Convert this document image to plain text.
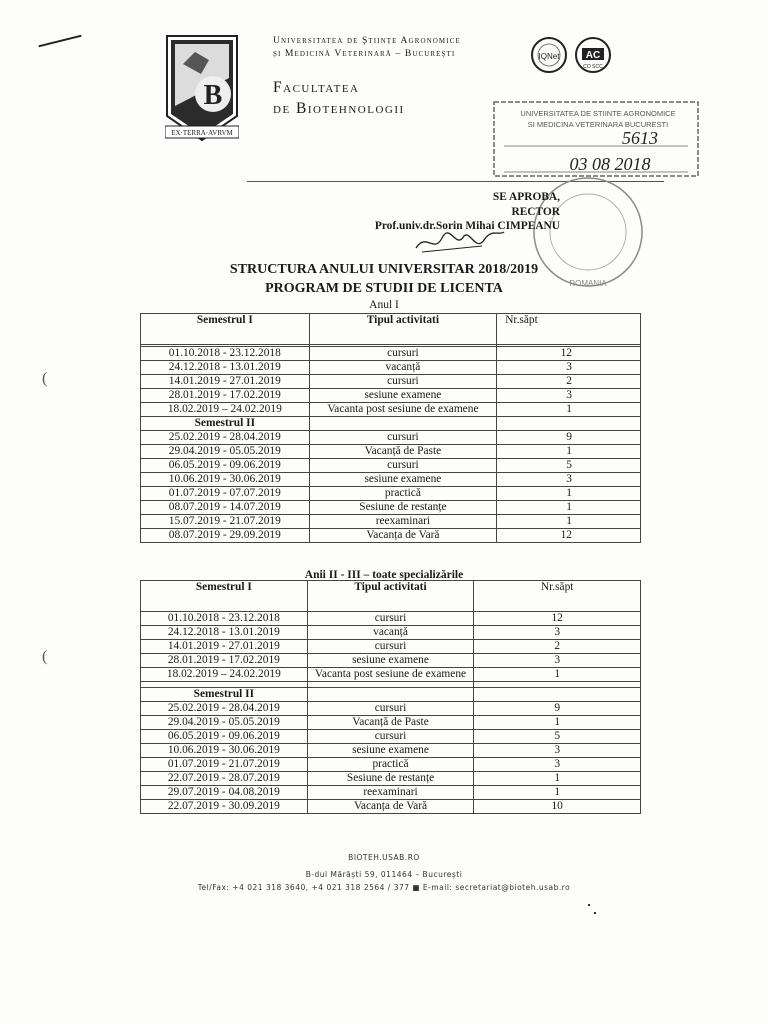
(
(
B
EX·TERRA·AVRVM
Universitatea de Științe Agronomice
și Medicină Veterinară – București
Facultatea
de Biotehnologii
IQNet	AC
CO SCC
UNIVERSITATEA DE STIINTE AGRONOMICE
SI MEDICINA VETERINARA BUCURESTI
5613
03 08 2018
ROMANIA
SE APROBA,
RECTOR
Prof.univ.dr.Sorin Mihai CIMPEANU
STRUCTURA ANULUI UNIVERSITAR 2018/2019
PROGRAM DE STUDII DE LICENTA
Anul I
Semestrul I	Tipul activitati	Nr.săpt

01.10.2018 - 23.12.2018	cursuri	12
24.12.2018 - 13.01.2019	vacanță	3
14.01.2019 - 27.01.2019	cursuri	2
28.01.2019 - 17.02.2019	sesiune examene	3
18.02.2019 – 24.02.2019	Vacanta post sesiune de examene	1
Semestrul II		
25.02.2019 - 28.04.2019	cursuri	9
29.04.2019 - 05.05.2019	Vacanță de Paste	1
06.05.2019 - 09.06.2019	cursuri	5
10.06.2019 - 30.06.2019	sesiune examene	3
01.07.2019 - 07.07.2019	practică	1
08.07.2019 - 14.07.2019	Sesiune de restanțe	1
15.07.2019 - 21.07.2019	reexaminari	1
08.07.2019 - 29.09.2019	Vacanța de Vară	12
Anii II - III – toate specializările
Semestrul I	Tipul activitati	Nr.săpt
01.10.2018 - 23.12.2018	cursuri	12
24.12.2018 - 13.01.2019	vacanță	3
14.01.2019 - 27.01.2019	cursuri	2
28.01.2019 - 17.02.2019	sesiune examene	3
18.02.2019 – 24.02.2019	Vacanta post sesiune de examene	1

Semestrul II		
25.02.2019 - 28.04.2019	cursuri	9
29.04.2019 - 05.05.2019	Vacanță de Paste	1
06.05.2019 - 09.06.2019	cursuri	5
10.06.2019 - 30.06.2019	sesiune examene	3
01.07.2019 - 21.07.2019	practică	3
22.07.2019 - 28.07.2019	Sesiune de restanțe	1
29.07.2019 - 04.08.2019	reexaminari	1
22.07.2019 - 30.09.2019	Vacanța de Vară	10
BIOTEH.USAB.RO
B-dul Mărăști 59, 011464 – București
Tel/Fax: +4 021 318 3640, +4 021 318 2564 / 377 ■ E-mail: secretariat@bioteh.usab.ro
